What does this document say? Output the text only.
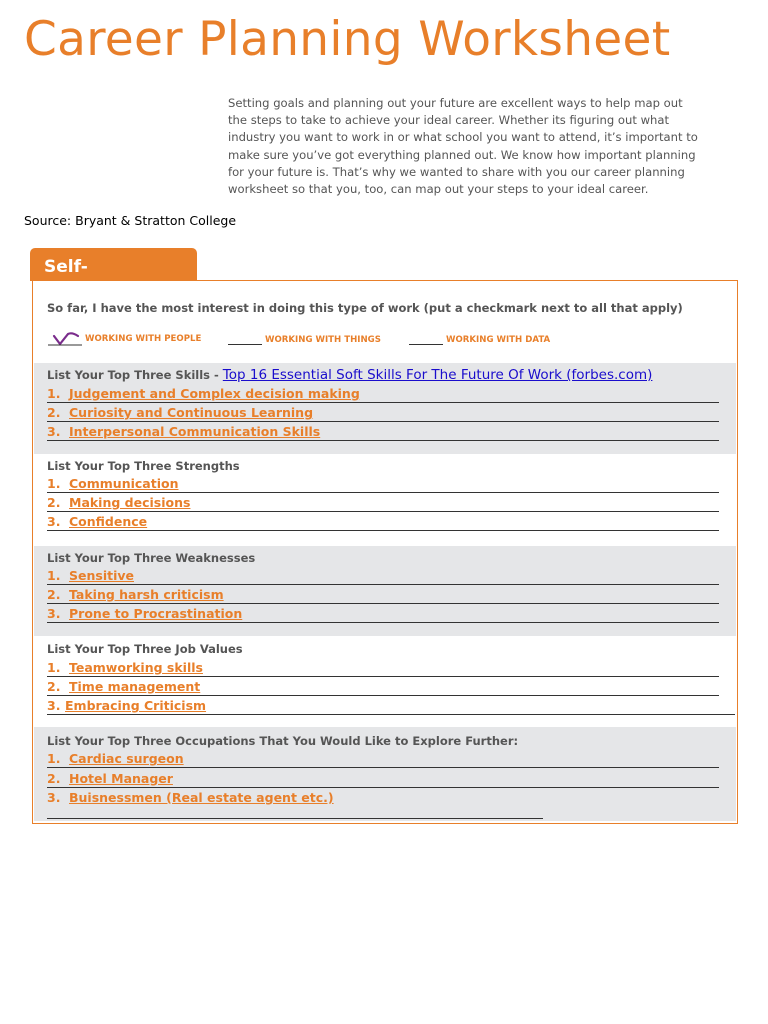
Career Planning Worksheet
Setting goals and planning out your future are excellent ways to help map out
the steps to take to achieve your ideal career. Whether its figuring out what
industry you want to work in or what school you want to attend, it’s important to
make sure you’ve got everything planned out. We know how important planning
for your future is. That’s why we wanted to share with you our career planning
worksheet so that you, too, can map out your steps to your ideal career.
Source: Bryant & Stratton College
Self-
Exploration
So far, I have the most interest in doing this type of work (put a checkmark next to all that apply)
WORKING WITH PEOPLE	WORKING WITH THINGS	WORKING WITH DATA
List Your Top Three Skills - Top 16 Essential Soft Skills For The Future Of Work (forbes.com)
1. Judgement and Complex decision making
2. Curiosity and Continuous Learning
3. Interpersonal Communication Skills
List Your Top Three Strengths
1. Communication
2. Making decisions
3. Confidence
List Your Top Three Weaknesses
1. Sensitive
2. Taking harsh criticism
3. Prone to Procrastination
List Your Top Three Job Values
1. Teamworking skills
2. Time management
3. Embracing Criticism
List Your Top Three Occupations That You Would Like to Explore Further:
1. Cardiac surgeon
2. Hotel Manager
3. Buisnessmen (Real estate agent etc.)
